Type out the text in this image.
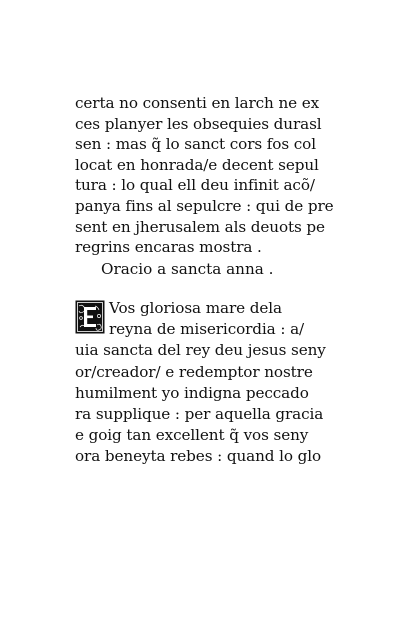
certa no consenti en larch ne ex
ces planyer les obsequies durasl
sen : mas q̃ lo sanct cors fos col
locat en honrada/e decent sepul
tura : lo qual ell deu infinit acõ/
panya fins al sepulcre : qui de pre
sent en jherusalem als deuots pe
regrins encaras mostra .
Oracio a sancta anna .
E
Vos gloriosa mare dela
reyna de misericordia : a/
uia sancta del rey deu jesus seny
or/creador/ e redemptor nostre
humilment yo indigna peccado
ra supplique : per aquella gracia
e goig tan excellent q̃ vos seny
ora beneyta rebes : quand lo glo
